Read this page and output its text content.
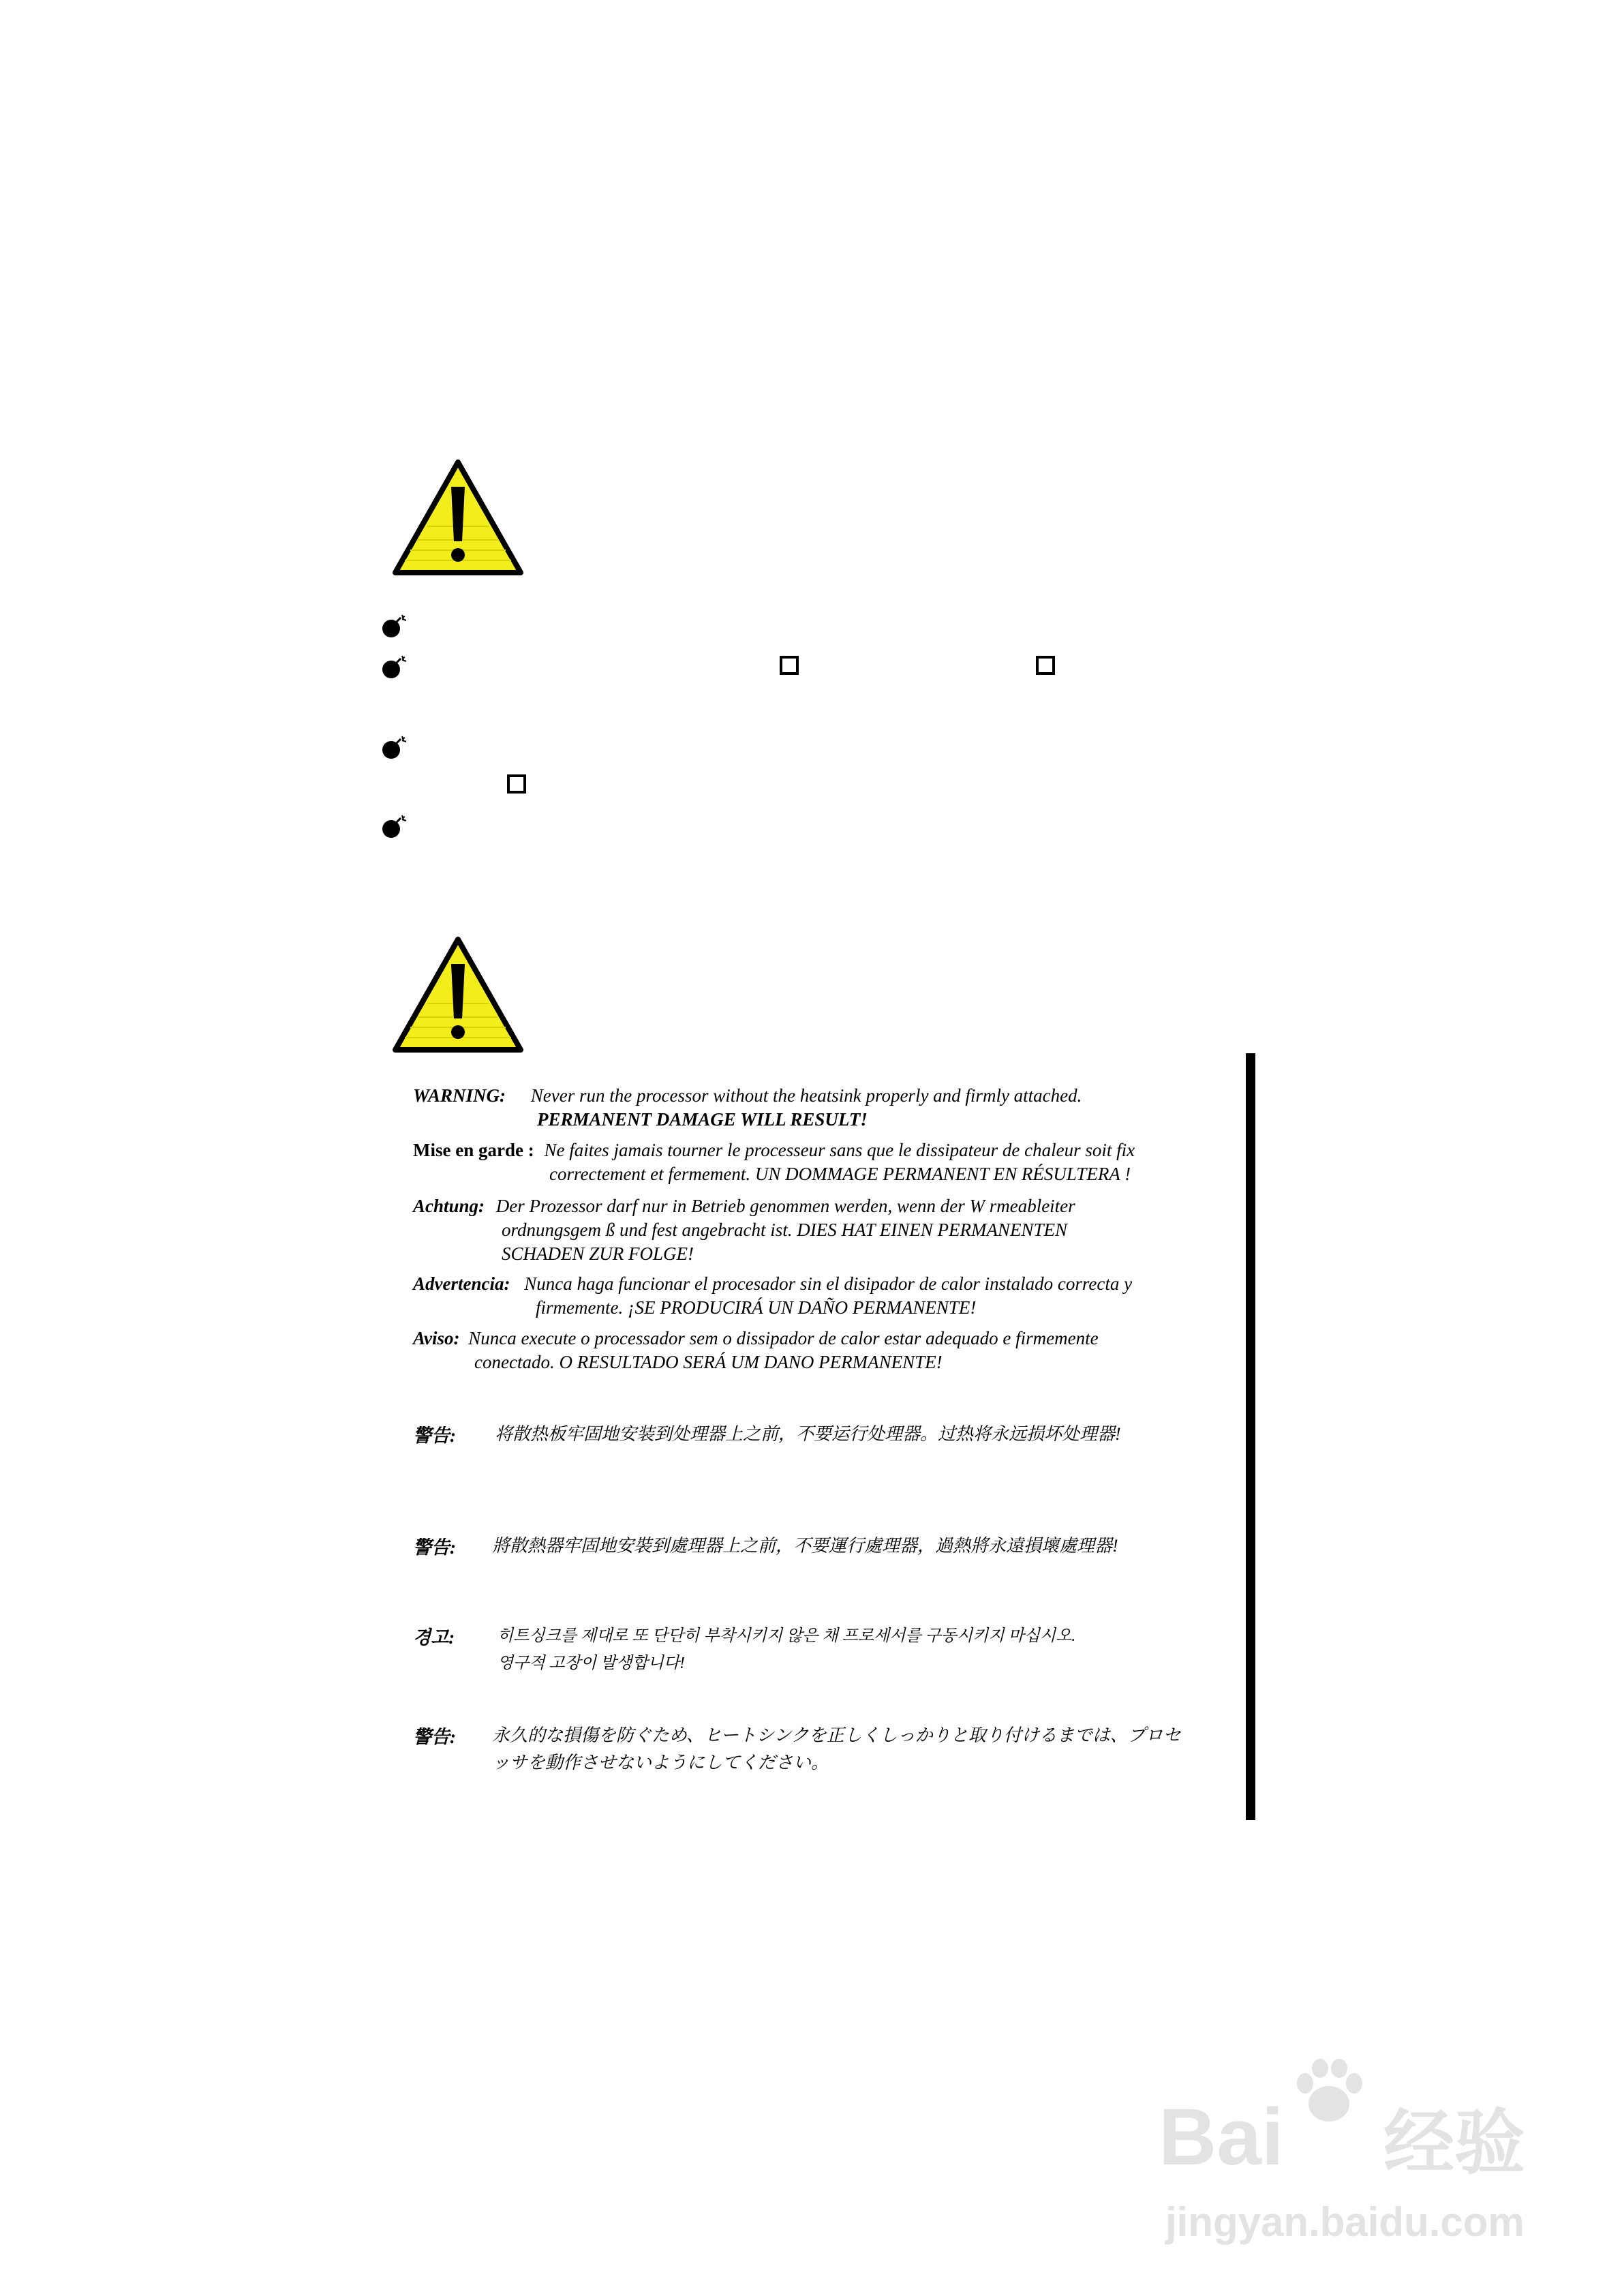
WARNING: Never run the processor without the heatsink properly and firmly attached.
PERMANENT DAMAGE WILL RESULT!
Mise en garde : Ne faites jamais tourner le processeur sans que le dissipateur de chaleur soit fix
correctement et fermement. UN DOMMAGE PERMANENT EN RÉSULTERA !
Achtung: Der Prozessor darf nur in Betrieb genommen werden, wenn der W rmeableiter
ordnungsgem ß und fest angebracht ist. DIES HAT EINEN PERMANENTEN
SCHADEN ZUR FOLGE!
Advertencia: Nunca haga funcionar el procesador sin el disipador de calor instalado correcta y
firmemente. ¡SE PRODUCIRÁ UN DAÑO PERMANENTE!
Aviso: Nunca execute o processador sem o dissipador de calor estar adequado e firmemente
conectado. O RESULTADO SERÁ UM DANO PERMANENTE!
警告: 将散热板牢固地安装到处理器上之前，不要运行处理器。过热将永远损坏处理器!
警告: 將散熱器牢固地安裝到處理器上之前，不要運行處理器，過熱將永遠損壞處理器!
경고:	히트싱크를 제대로 또 단단히 부착시키지 않은 채 프로세서를 구동시키지 마십시오.
영구적 고장이 발생합니다!
警告: 永久的な損傷を防ぐため、ヒートシンクを正しくしっかりと取り付けるまでは、プロセ
ッサを動作させないようにしてください。
Bai du 经验
jingyan.baidu.com
